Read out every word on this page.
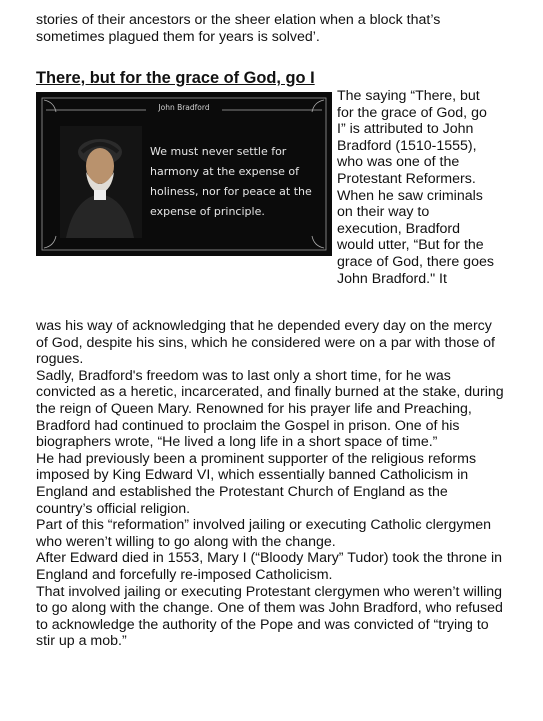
stories of their ancestors or the sheer elation when a block that’s sometimes plagued them for years is solved’.

There, but for the grace of God, go I
John Bradford
We must never settle for
harmony at the expense of
holiness, nor for peace at the
expense of principle.

The saying “There, but for the grace of God, go I” is attributed to John Bradford (1510-1555), who was one of the Protestant Reformers.

When he saw criminals on their way to execution, Bradford would utter, “But for the grace of God, there goes John Bradford." It

was his way of acknowledging that he depended every day on the mercy of God, despite his sins, which he considered were on a par with those of rogues.

Sadly, Bradford's freedom was to last only a short time, for he was convicted as a heretic, incarcerated, and finally burned at the stake, during the reign of Queen Mary. Renowned for his prayer life and Preaching, Bradford had continued to proclaim the Gospel in prison. One of his biographers wrote, “He lived a long life in a short space of time.”

He had previously been a prominent supporter of the religious reforms imposed by King Edward VI, which essentially banned Catholicism in England and established the Protestant Church of England as the country’s official religion.

Part of this “reformation” involved jailing or executing Catholic clergymen who weren’t willing to go along with the change.

After Edward died in 1553, Mary I (“Bloody Mary” Tudor) took the throne in England and forcefully re-imposed Catholicism.

That involved jailing or executing Protestant clergymen who weren’t willing to go along with the change. One of them was John Bradford, who refused to acknowledge the authority of the Pope and was convicted of “trying to stir up a mob.”
